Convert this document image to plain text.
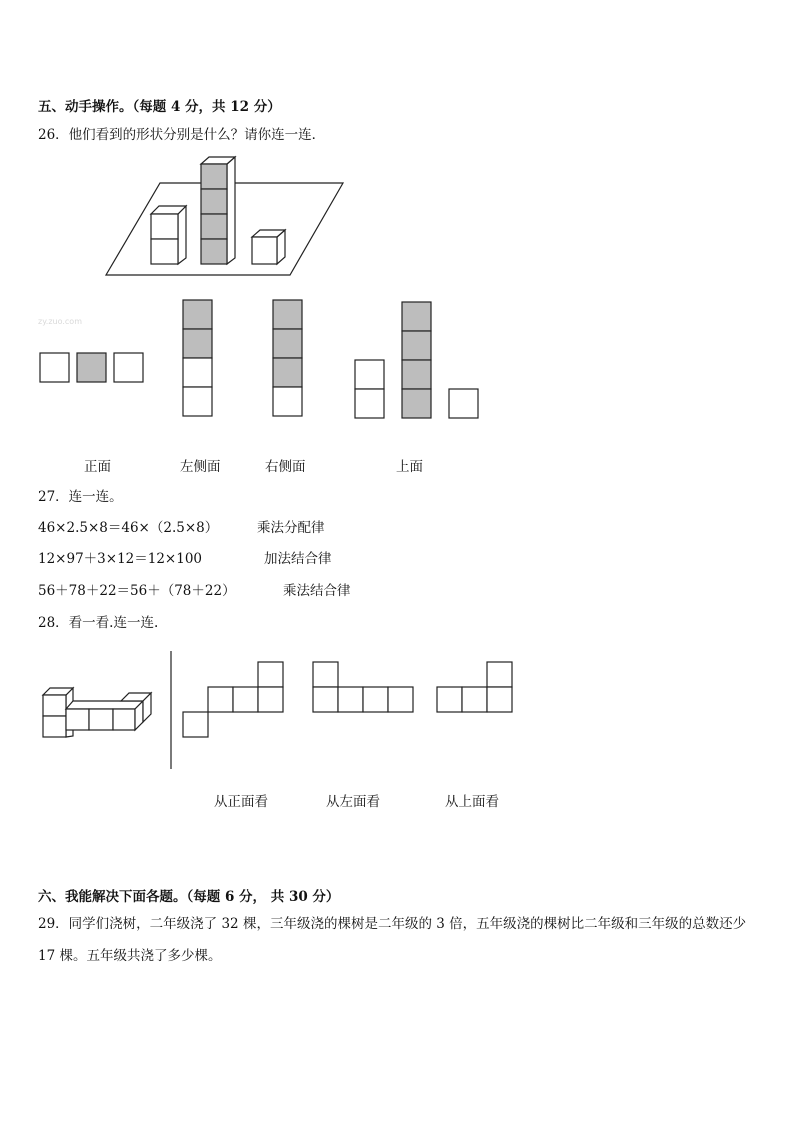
五、动手操作。（每题 4 分，共 12 分）
26．他们看到的形状分别是什么？请你连一连．
zy.zuo.com
正面	左侧面	右侧面	上面
27．连一连。
46×2.5×8＝46×（2.5×8）	乘法分配律
12×97＋3×12＝12×100	加法结合律
56＋78＋22＝56＋（78＋22）	乘法结合律
28．看一看.连一连.
从正面看	从左面看	从上面看
六、我能解决下面各题。（每题 6 分， 共 30 分）
29．同学们浇树，二年级浇了 32 棵，三年级浇的棵树是二年级的 3 倍，五年级浇的棵树比二年级和三年级的总数还少
17 棵。五年级共浇了多少棵。
